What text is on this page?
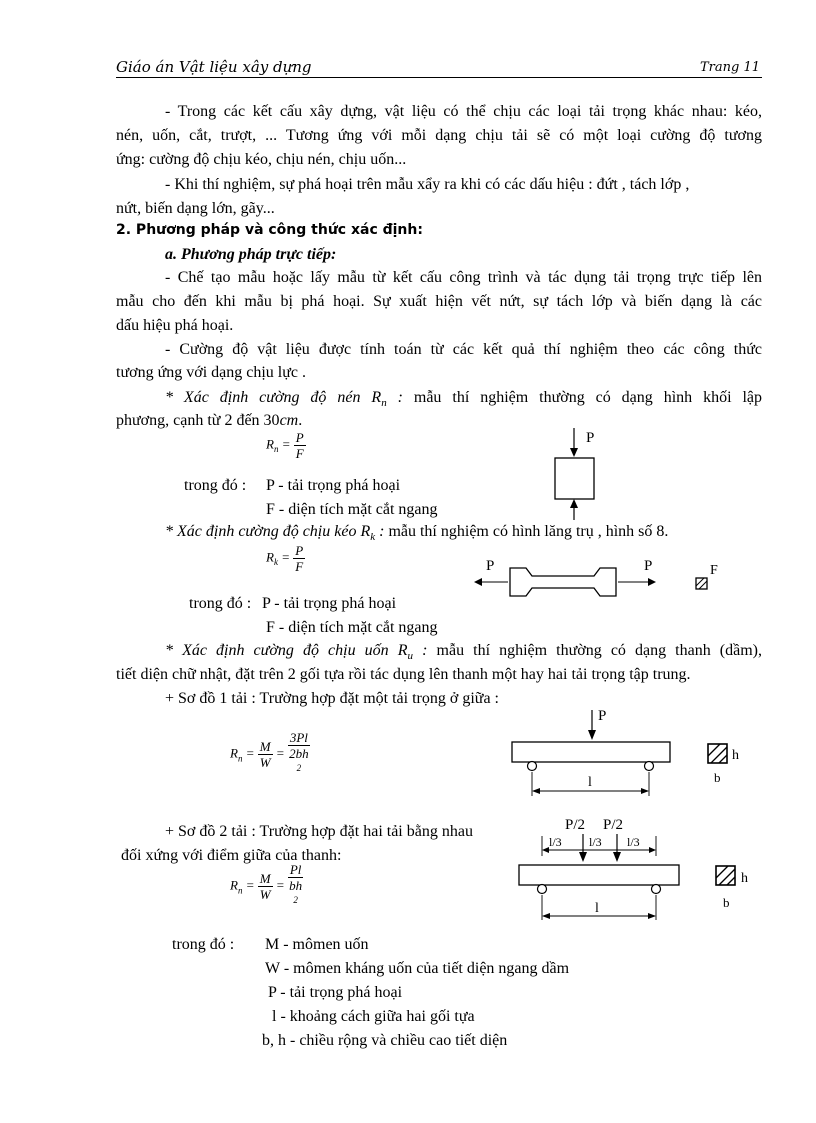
Giáo án Vật liệu xây dựng	Trang 11
- Trong các kết cấu xây dựng, vật liệu có thể chịu các loại tải trọng khác nhau: kéo,
nén, uốn, cắt, trượt, ... Tương ứng với mỗi dạng chịu tải sẽ có một loại cường độ tương
ứng: cường độ chịu kéo, chịu nén, chịu uốn...
- Khi thí nghiệm, sự phá hoại trên mẫu xẩy ra khi có các dấu hiệu : đứt , tách lớp ,
nứt, biến dạng lớn, gãy...
2. Phương pháp và công thức xác định:
a. Phương pháp trực tiếp:
- Chế tạo mẫu hoặc lấy mẫu từ kết cấu công trình và tác dụng tải trọng trực tiếp lên
mẫu cho đến khi mẫu bị phá hoại. Sự xuất hiện vết nứt, sự tách lớp và biến dạng là các
dấu hiệu phá hoại.
- Cường độ vật liệu được tính toán từ các kết quả thí nghiệm theo các công thức
tương ứng với dạng chịu lực .
* Xác định cường độ nén $R_n$ : mẫu thí nghiệm thường có dạng hình khối lập
phương, cạnh từ 2 đến 30cm.
$R_n = \frac{P}{F}$
trong đó : P - tải trọng phá hoại
F - diện tích mặt cắt ngang
P
* Xác định cường độ chịu kéo $R_k$ : mẫu thí nghiệm có hình lăng trụ , hình số 8.
$R_k = \frac{P}{F}$
trong đó : P - tải trọng phá hoại
F - diện tích mặt cắt ngang
P	P	F
* Xác định cường độ chịu uốn $R_u$ : mẫu thí nghiệm thường có dạng thanh (dầm),
tiết diện chữ nhật, đặt trên 2 gối tựa rồi tác dụng lên thanh một hay hai tải trọng tập trung.
+ Sơ đồ 1 tải : Trường hợp đặt một tải trọng ở giữa :
$R_n = \frac{M}{W} = 3Pl$
2bh
$^2$
P
l
h
b
+ Sơ đồ 2 tải : Trường hợp đặt hai tải bằng nhau
đối xứng với điểm giữa của thanh:
$R_n = \frac{M}{W} = Pl$
bh
$^2$
P/2 P/2
l/3 l/3 l/3
l
h
b
trong đó : M - mômen uốn
W - mômen kháng uốn của tiết diện ngang dầm
P - tải trọng phá hoại
l - khoảng cách giữa hai gối tựa
b, h - chiều rộng và chiều cao tiết diện
